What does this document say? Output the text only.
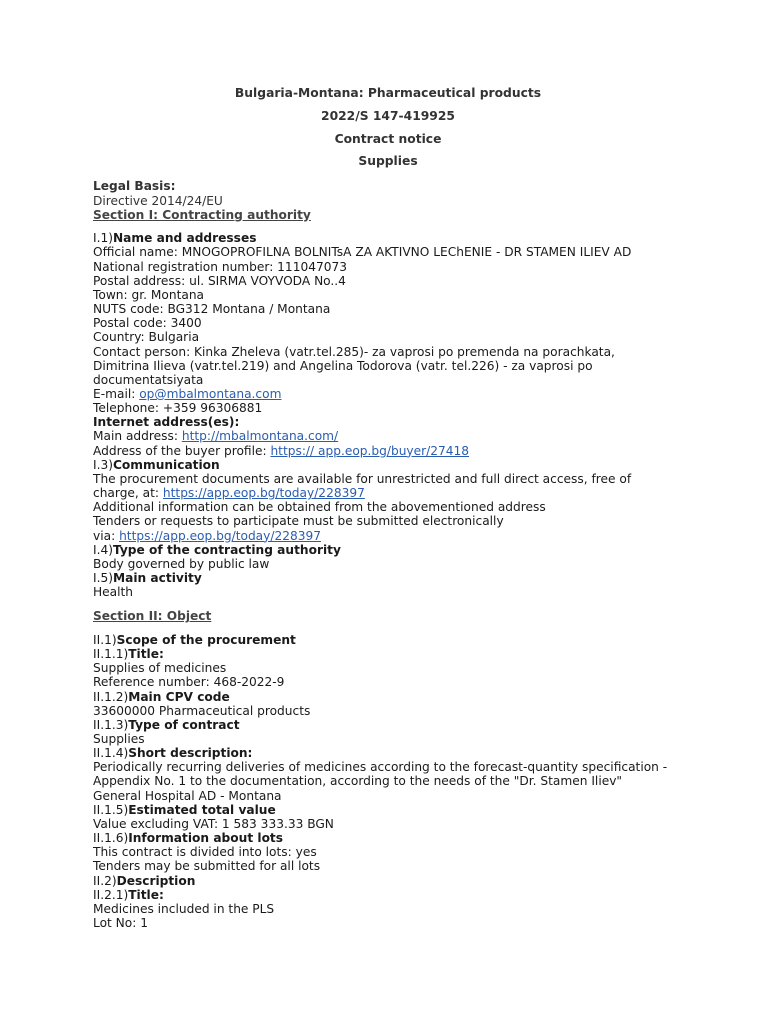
Bulgaria-Montana: Pharmaceutical products
2022/S 147-419925
Contract notice
Supplies
Legal Basis:
Directive 2014/24/EU
Section I: Contracting authority
I.1)Name and addresses
Official name: MNOGOPROFILNA BOLNITsA ZA AKTIVNO LEChENIE - DR STAMEN ILIEV AD
National registration number: 111047073
Postal address: ul. SIRMA VOYVODA No..4
Town: gr. Montana
NUTS code: BG312 Montana / Montana
Postal code: 3400
Country: Bulgaria
Contact person: Kinka Zheleva (vatr.tel.285)- za vaprosi po premenda na porachkata, Dimitrina Ilieva (vatr.tel.219) and Angelina Todorova (vatr. tel.226) - za vaprosi po documentatsiyata
E-mail: op@mbalmontana.com
Telephone: +359 96306881
Internet address(es):
Main address: http://mbalmontana.com/
Address of the buyer profile: https:// app.eop.bg/buyer/27418
I.3)Communication
The procurement documents are available for unrestricted and full direct access, free of charge, at: https://app.eop.bg/today/228397
Additional information can be obtained from the abovementioned address
Tenders or requests to participate must be submitted electronically
via: https://app.eop.bg/today/228397
I.4)Type of the contracting authority
Body governed by public law
I.5)Main activity
Health
Section II: Object
II.1)Scope of the procurement
II.1.1)Title:
Supplies of medicines
Reference number: 468-2022-9
II.1.2)Main CPV code
33600000 Pharmaceutical products
II.1.3)Type of contract
Supplies
II.1.4)Short description:
Periodically recurring deliveries of medicines according to the forecast-quantity specification - Appendix No. 1 to the documentation, according to the needs of the "Dr. Stamen Iliev" General Hospital AD - Montana
II.1.5)Estimated total value
Value excluding VAT: 1 583 333.33 BGN
II.1.6)Information about lots
This contract is divided into lots: yes
Tenders may be submitted for all lots
II.2)Description
II.2.1)Title:
Medicines included in the PLS
Lot No: 1
